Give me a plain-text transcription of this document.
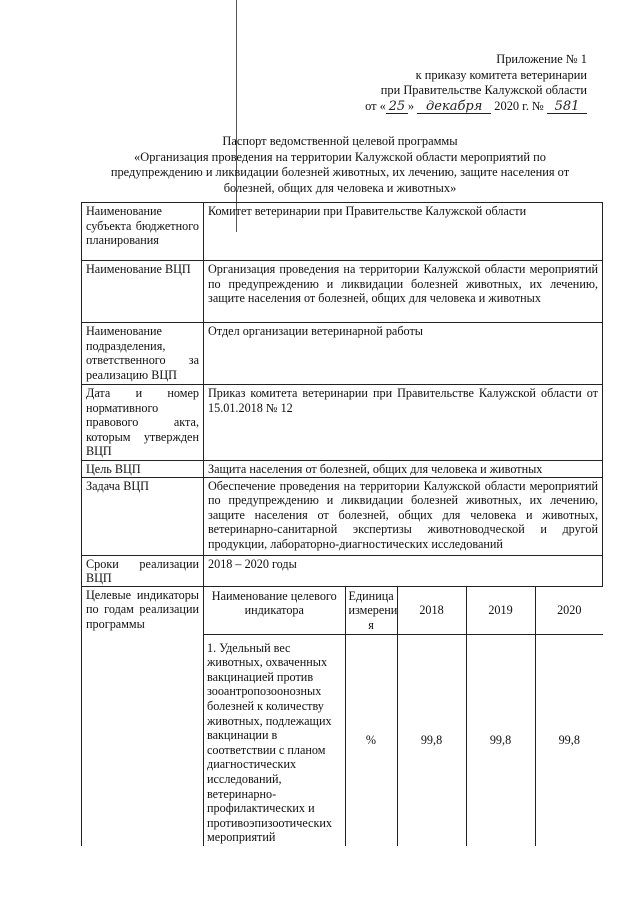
Приложение № 1
к приказу комитета ветеринарии
при Правительстве Калужской области
от « 25 » декабря 2020 г. № 581
Паспорт ведомственной целевой программы
«Организация проведения на территории Калужской области мероприятий по
предупреждению и ликвидации болезней животных, их лечению, защите населения от
болезней, общих для человека и животных»
Наименование субъекта бюджетного планирования	Комитет ветеринарии при Правительстве Калужской области
Наименование ВЦП	Организация проведения на территории Калужской области мероприятий по предупреждению и ликвидации болезней животных, их лечению, защите населения от болезней, общих для человека и животных
Наименование подразделения, ответственного за реализацию ВЦП	Отдел организации ветеринарной работы
Дата и номер нормативного правового акта, которым утвержден ВЦП	Приказ комитета ветеринарии при Правительстве Калужской области от 15.01.2018 № 12
Цель ВЦП	Защита населения от болезней, общих для человека и животных
Задача ВЦП	Обеспечение проведения на территории Калужской области мероприятий по предупреждению и ликвидации болезней животных, их лечению, защите населения от болезней, общих для человека и животных, ветеринарно-санитарной экспертизы животноводческой и другой продукции, лабораторно-диагностических исследований
Сроки реализации ВЦП	2018 – 2020 годы
Целевые индикаторы по годам реализации программы	
Наименование целевого индикатора	Единица измерени я	2018	2019	2020
1. Удельный вес животных, охваченных вакцинацией против зооантропозоонозных болезней к количеству животных, подлежащих вакцинации в соответствии с планом диагностических исследований, ветеринарно-профилактических и противоэпизоотических мероприятий	%	99,8	99,8	99,8
